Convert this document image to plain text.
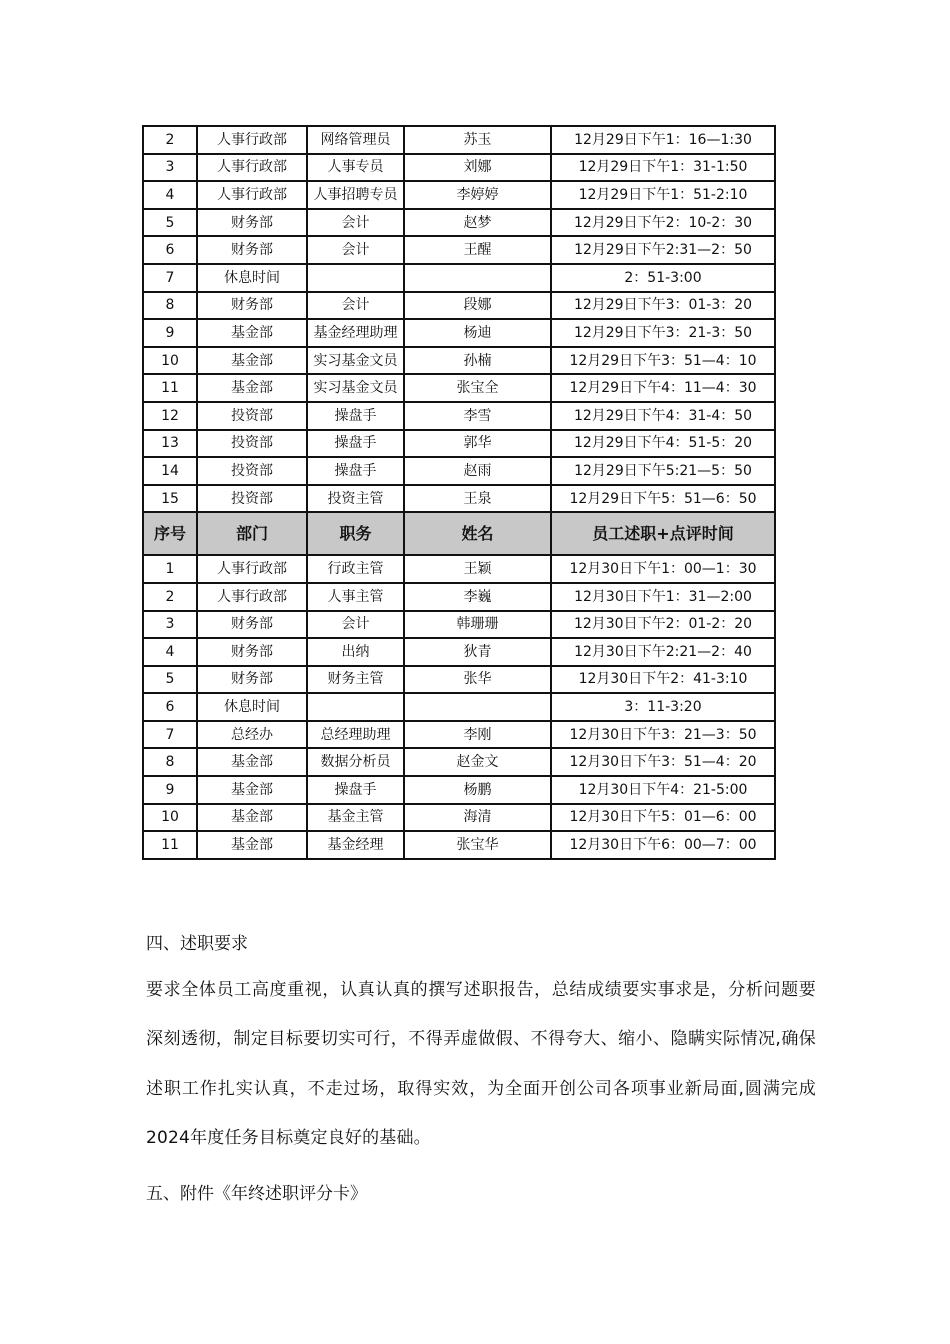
2	人事行政部	网络管理员	苏玉	12月29日下午1：16—1:30
3	人事行政部	人事专员	刘娜	12月29日下午1：31-1:50
4	人事行政部	人事招聘专员	李婷婷	12月29日下午1：51-2:10
5	财务部	会计	赵梦	12月29日下午2：10-2：30
6	财务部	会计	王醒	12月29日下午2:31—2：50
7	休息时间			2：51-3:00
8	财务部	会计	段娜	12月29日下午3：01-3：20
9	基金部	基金经理助理	杨迪	12月29日下午3：21-3：50
10	基金部	实习基金文员	孙楠	12月29日下午3：51—4：10
11	基金部	实习基金文员	张宝全	12月29日下午4：11—4：30
12	投资部	操盘手	李雪	12月29日下午4：31-4：50
13	投资部	操盘手	郭华	12月29日下午4：51-5：20
14	投资部	操盘手	赵雨	12月29日下午5:21—5：50
15	投资部	投资主管	王泉	12月29日下午5：51—6：50
序号	部门	职务	姓名	员工述职+点评时间
1	人事行政部	行政主管	王颖	12月30日下午1：00—1：30
2	人事行政部	人事主管	李巍	12月30日下午1：31—2:00
3	财务部	会计	韩珊珊	12月30日下午2：01-2：20
4	财务部	出纳	狄青	12月30日下午2:21—2：40
5	财务部	财务主管	张华	12月30日下午2：41-3:10
6	休息时间			3：11-3:20
7	总经办	总经理助理	李刚	12月30日下午3：21—3：50
8	基金部	数据分析员	赵金文	12月30日下午3：51—4：20
9	基金部	操盘手	杨鹏	12月30日下午4：21-5:00
10	基金部	基金主管	海清	12月30日下午5：01—6：00
11	基金部	基金经理	张宝华	12月30日下午6：00—7：00

四、述职要求

要求全体员工高度重视，认真认真的撰写述职报告，总结成绩要实事求是，分析问题要深刻透彻，制定目标要切实可行，不得弄虚做假、不得夸大、缩小、隐瞒实际情况,确保述职工作扎实认真，不走过场，取得实效，为全面开创公司各项事业新局面,圆满完成2024年度任务目标奠定良好的基础。

五、附件《年终述职评分卡》
